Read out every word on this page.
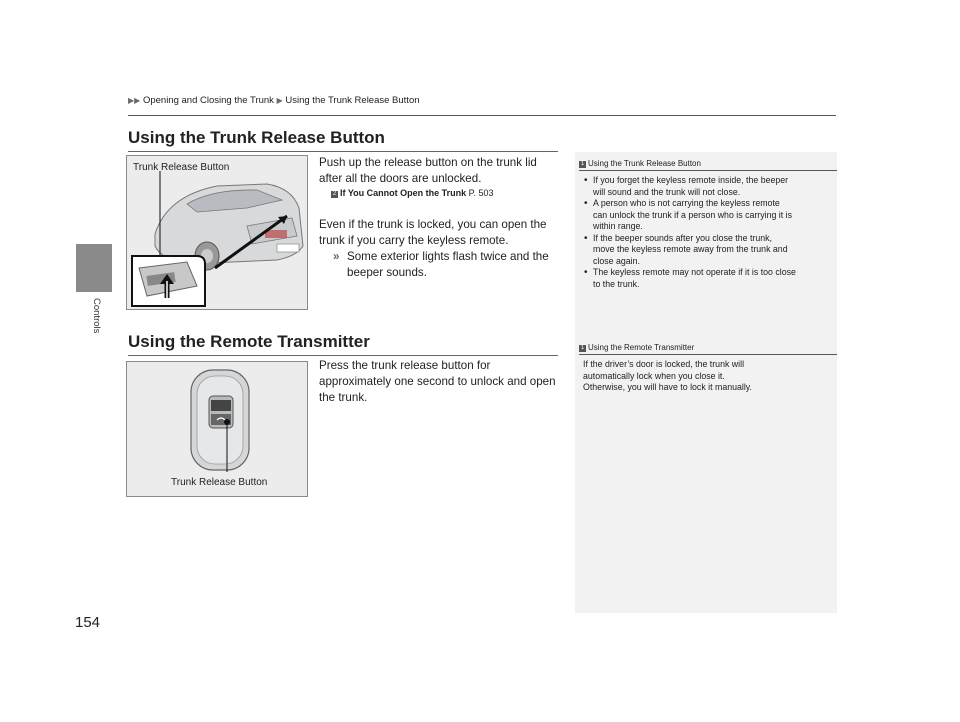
Controls
154
▶▶ Opening and Closing the Trunk ▶ Using the Trunk Release Button
Using the Trunk Release Button
Trunk Release Button	Push up the release button on the trunk lid
after all the doors are unlocked.
2 If You Cannot Open the Trunk P. 503
Even if the trunk is locked, you can open the
trunk if you carry the keyless remote.
» Some exterior lights flash twice and the
beeper sounds.
1 Using the Trunk Release Button
• If you forget the keyless remote inside, the beeper
will sound and the trunk will not close.
• A person who is not carrying the keyless remote
can unlock the trunk if a person who is carrying it is
within range.
• If the beeper sounds after you close the trunk,
move the keyless remote away from the trunk and
close again.
• The keyless remote may not operate if it is too close
to the trunk.
Using the Remote Transmitter
Trunk Release Button
Press the trunk release button for
approximately one second to unlock and open
the trunk.
1 Using the Remote Transmitter
If the driver’s door is locked, the trunk will
automatically lock when you close it.
Otherwise, you will have to lock it manually.
